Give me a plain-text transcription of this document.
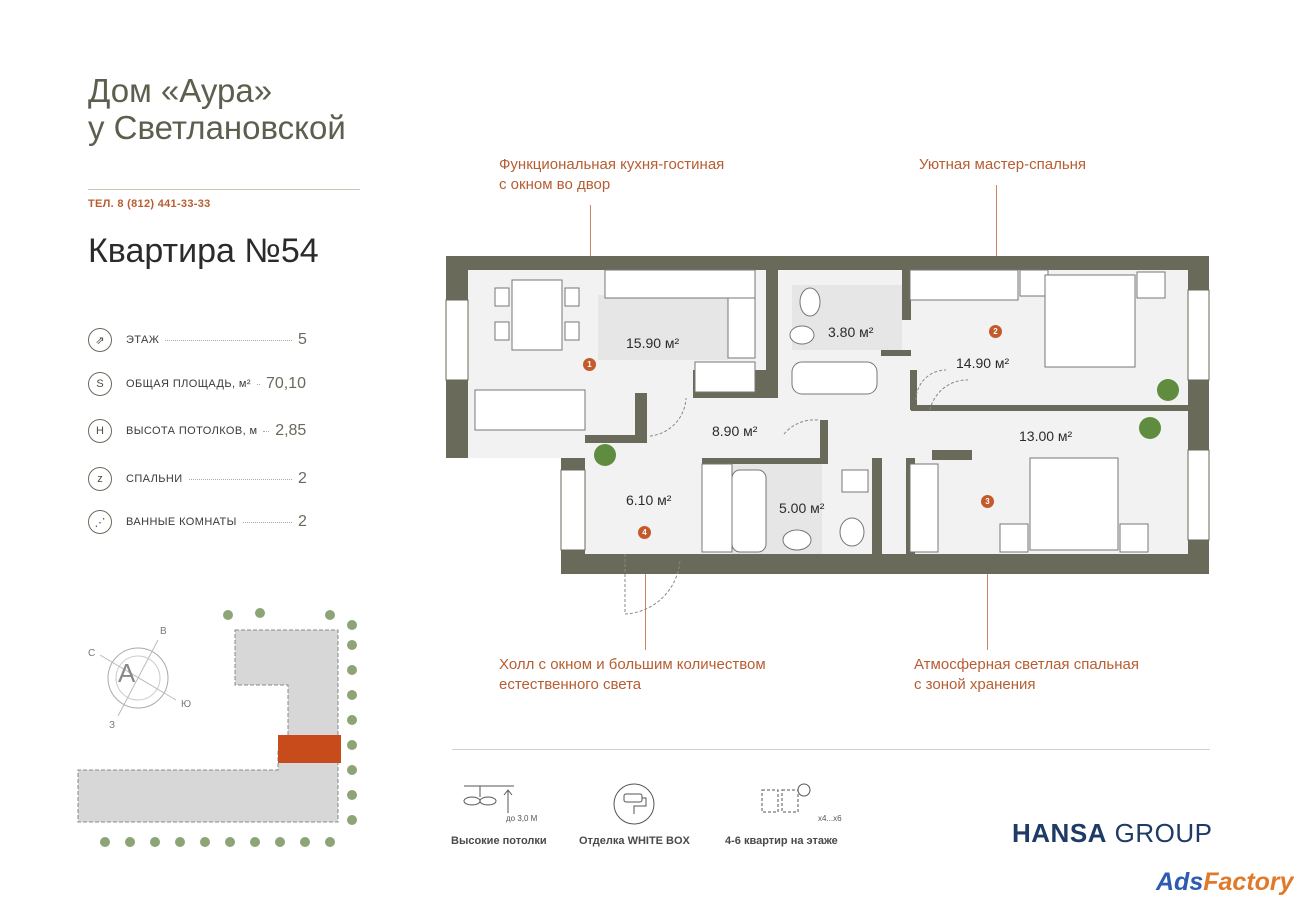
Дом «Аура»
у Светлановской
ТЕЛ. 8 (812) 441-33-33
Квартира №54
⇗	ЭТАЖ	5
S	ОБЩАЯ ПЛОЩАДЬ, м² 70,10
H	ВЫСОТА ПОТОЛКОВ, м 2,85
z	СПАЛЬНИ	2
⋰	ВАННЫЕ КОМНАТЫ	2
Функциональная кухня-гостиная
с окном во двор
Уютная мастер-спальня
Холл с окном и большим количеством
естественного света
Атмосферная светлая спальная
с зоной хранения
15.90 м²
3.80 м²
14.90 м²
8.90 м²	13.00 м²
6.10 м²	5.00 м²
1
2
3
4
А
С
В
Ю
З
до 3,0 М
Высокие потолки	Отделка WHITE BOX
x4...x6
4-6 квартир на этаже	HANSA GROUP
AdsFactory
